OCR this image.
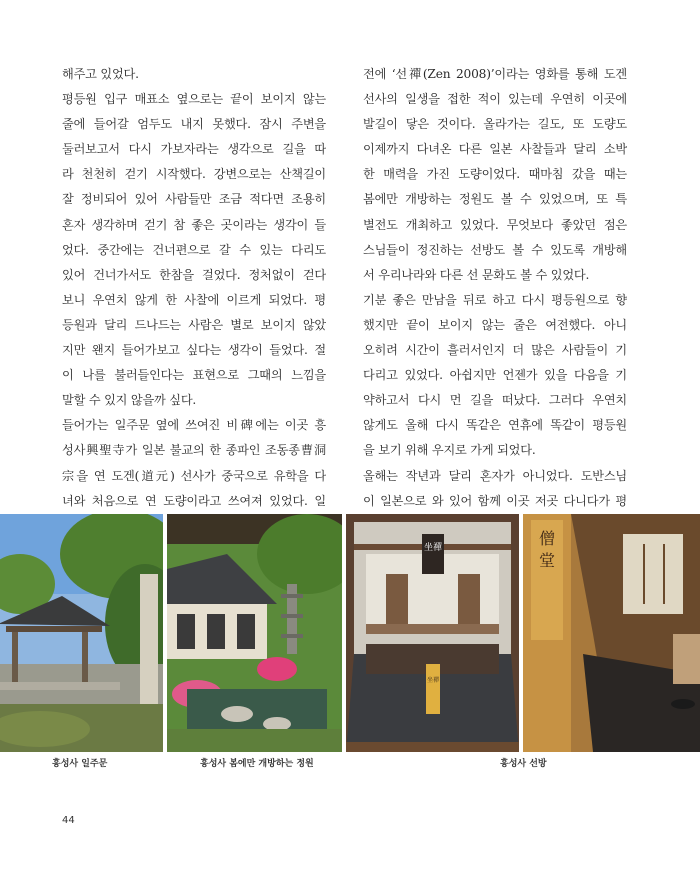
해주고 있었다.
평등원 입구 매표소 옆으로는 끝이 보이지 않는
줄에 들어갈 엄두도 내지 못했다. 잠시 주변을
둘러보고서 다시 가보자라는 생각으로 길을 따
라 천천히 걷기 시작했다. 강변으로는 산책길이
잘 정비되어 있어 사람들만 조금 적다면 조용히
혼자 생각하며 걷기 참 좋은 곳이라는 생각이 들
었다. 중간에는 건너편으로 갈 수 있는 다리도
있어 건너가서도 한참을 걸었다. 정처없이 걷다
보니 우연치 않게 한 사찰에 이르게 되었다. 평
등원과 달리 드나드는 사람은 별로 보이지 않았
지만 왠지 들어가보고 싶다는 생각이 들었다. 절
이 나를 불러들인다는 표현으로 그때의 느낌을
말할 수 있지 않을까 싶다.
들어가는 일주문 옆에 쓰여진 비碑에는 이곳 흥
성사興聖寺가 일본 불교의 한 종파인 조동종曹洞
宗을 연 도겐(道元) 선사가 중국으로 유학을 다
녀와 처음으로 연 도량이라고 쓰여져 있었다. 일
전에 ‘선禪(Zen 2008)’이라는 영화를 통해 도겐
선사의 일생을 접한 적이 있는데 우연히 이곳에
발길이 닿은 것이다. 올라가는 길도, 또 도량도
이제까지 다녀온 다른 일본 사찰들과 달리 소박
한 매력을 가진 도량이었다. 때마침 갔을 때는
봄에만 개방하는 정원도 볼 수 있었으며, 또 특
별전도 개최하고 있었다. 무엇보다 좋았던 점은
스님들이 정진하는 선방도 볼 수 있도록 개방해
서 우리나라와 다른 선 문화도 볼 수 있었다.
기분 좋은 만남을 뒤로 하고 다시 평등원으로 향
했지만 끝이 보이지 않는 줄은 여전했다. 아니
오히려 시간이 흘러서인지 더 많은 사람들이 기
다리고 있었다. 아쉽지만 언젠가 있을 다음을 기
약하고서 다시 먼 길을 떠났다. 그러다 우연치
않게도 올해 다시 똑같은 연휴에 똑같이 평등원
을 보기 위해 우지로 가게 되었다.
올해는 작년과 달리 혼자가 아니었다. 도반스님
이 일본으로 와 있어 함께 이곳 저곳 다니다가 평
坐禪
坐禪
僧
堂
흥성사 일주문	흥성사 봄에만 개방하는 정원	흥성사 선방
44
